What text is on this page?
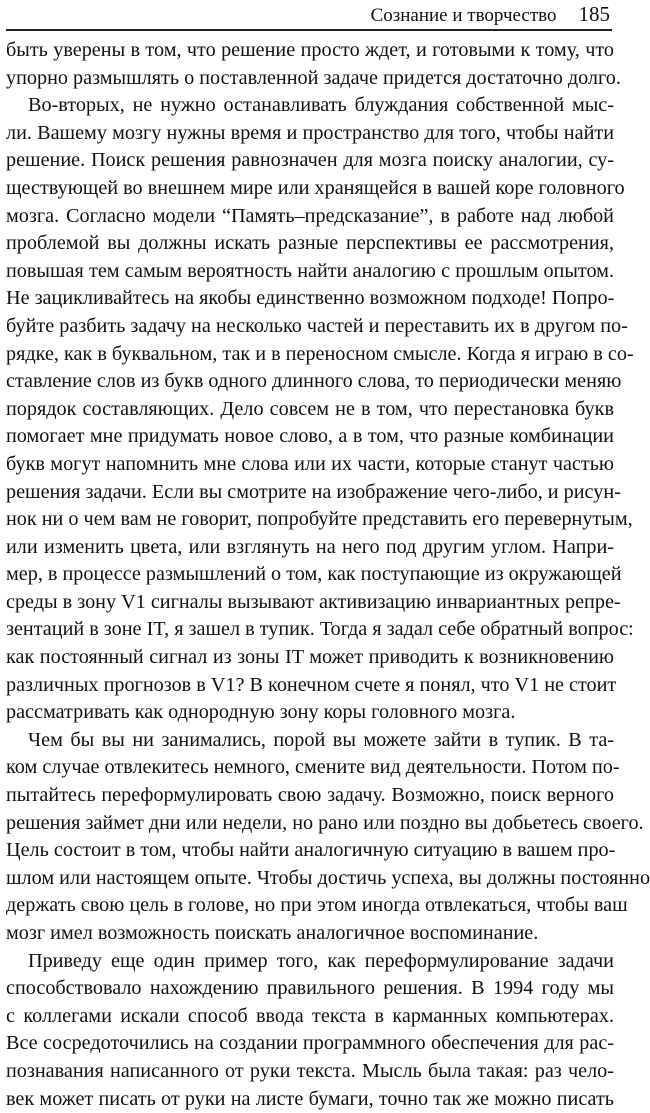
Сознание и творчество 185
быть уверены в том, что решение просто ждет, и готовыми к тому, что
упорно размышлять о поставленной задаче придется достаточно долго.
Во-вторых, не нужно останавливать блуждания собственной мыс-
ли. Вашему мозгу нужны время и пространство для того, чтобы найти
решение. Поиск решения равнозначен для мозга поиску аналогии, су-
ществующей во внешнем мире или хранящейся в вашей коре головного
мозга. Согласно модели “Память–предсказание”, в работе над любой
проблемой вы должны искать разные перспективы ее рассмотрения,
повышая тем самым вероятность найти аналогию с прошлым опытом.
Не зацикливайтесь на якобы единственно возможном подходе! Попро-
буйте разбить задачу на несколько частей и переставить их в другом по-
рядке, как в буквальном, так и в переносном смысле. Когда я играю в со-
ставление слов из букв одного длинного слова, то периодически меняю
порядок составляющих. Дело совсем не в том, что перестановка букв
помогает мне придумать новое слово, а в том, что разные комбинации
букв могут напомнить мне слова или их части, которые станут частью
решения задачи. Если вы смотрите на изображение чего-либо, и рисун-
нок ни о чем вам не говорит, попробуйте представить его перевернутым,
или изменить цвета, или взглянуть на него под другим углом. Напри-
мер, в процессе размышлений о том, как поступающие из окружающей
среды в зону V1 сигналы вызывают активизацию инвариантных репре-
зентаций в зоне IT, я зашел в тупик. Тогда я задал себе обратный вопрос:
как постоянный сигнал из зоны IT может приводить к возникновению
различных прогнозов в V1? В конечном счете я понял, что V1 не стоит
рассматривать как однородную зону коры головного мозга.
Чем бы вы ни занимались, порой вы можете зайти в тупик. В та-
ком случае отвлекитесь немного, смените вид деятельности. Потом по-
пытайтесь переформулировать свою задачу. Возможно, поиск верного
решения займет дни или недели, но рано или поздно вы добьетесь своего.
Цель состоит в том, чтобы найти аналогичную ситуацию в вашем про-
шлом или настоящем опыте. Чтобы достичь успеха, вы должны постоянно
держать свою цель в голове, но при этом иногда отвлекаться, чтобы ваш
мозг имел возможность поискать аналогичное воспоминание.
Приведу еще один пример того, как переформулирование задачи
способствовало нахождению правильного решения. В 1994 году мы
с коллегами искали способ ввода текста в карманных компьютерах.
Все сосредоточились на создании программного обеспечения для рас-
познавания написанного от руки текста. Мысль была такая: раз чело-
век может писать от руки на листе бумаги, точно так же можно писать
